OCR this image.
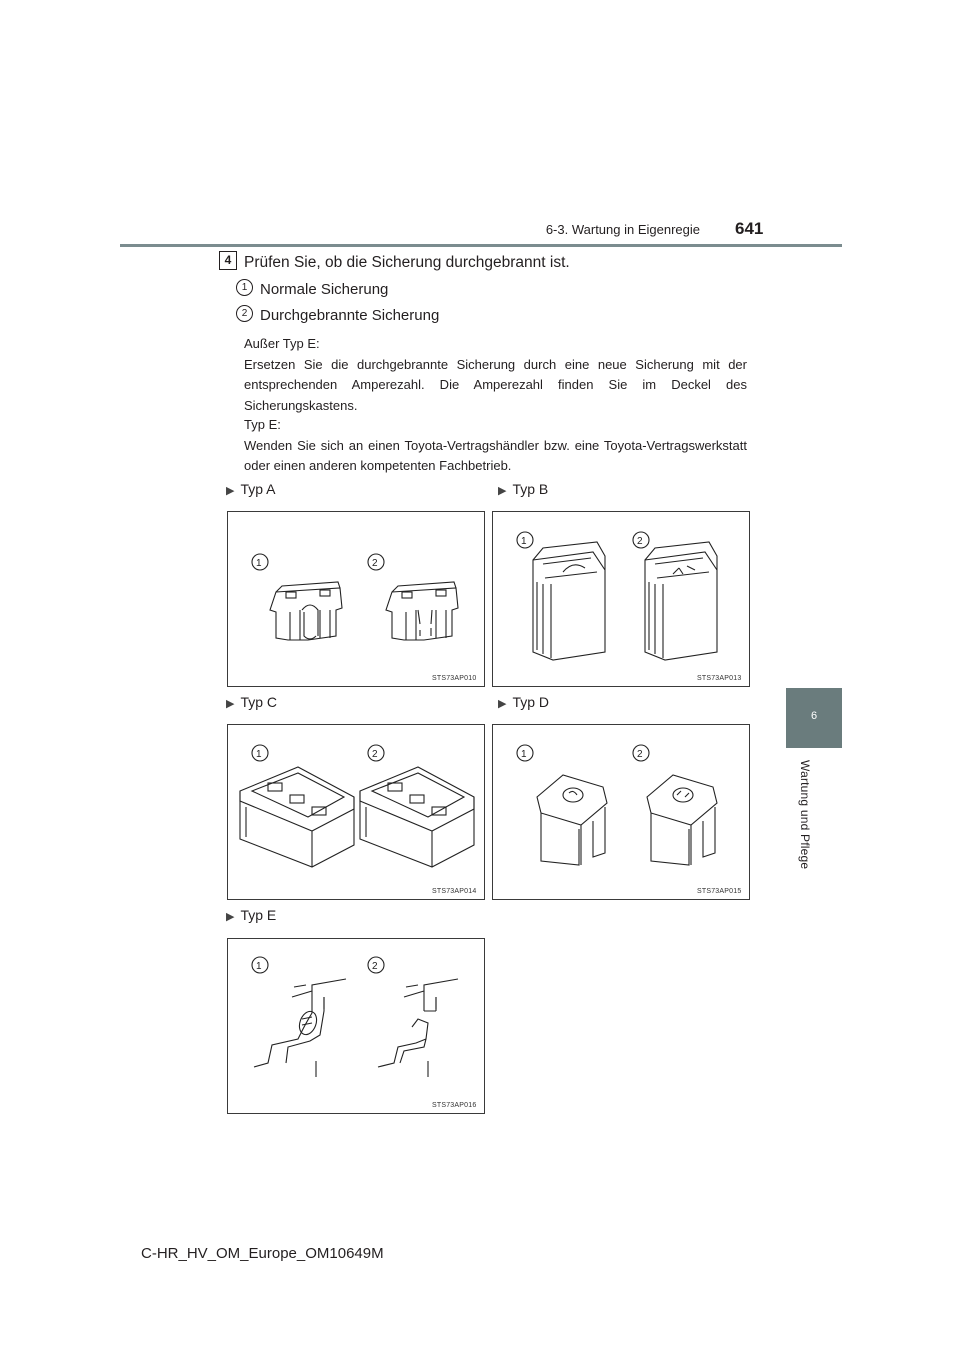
6-3. Wartung in Eigenregie 641
6
Wartung und Pflege
4 Prüfen Sie, ob die Sicherung durchgebrannt ist.
1 Normale Sicherung
2 Durchgebrannte Sicherung
Außer Typ E:
Ersetzen Sie die durchgebrannte Sicherung durch eine neue Sicherung mit der entsprechenden Amperezahl. Die Amperezahl finden Sie im Deckel des Sicherungskastens.
Typ E:
Wenden Sie sich an einen Toyota-Vertragshändler bzw. eine Toyota-Vertragswerkstatt oder einen anderen kompetenten Fachbetrieb.
▶ Typ A	▶ Typ B
▶ Typ C	▶ Typ D
▶ Typ E
1	2
STS73AP010
1	2
STS73AP013
1	2
STS73AP014
1	2
STS73AP015
1	2
STS73AP016
C-HR_HV_OM_Europe_OM10649M
